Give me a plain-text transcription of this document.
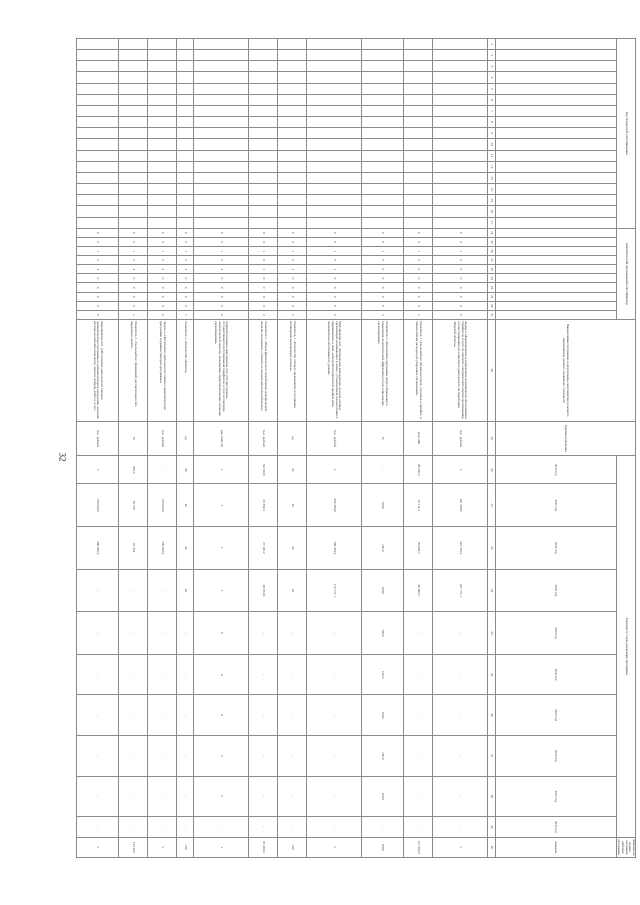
32
Код бюджетной классификации																	Аналитический программный классификатор										Наименование программы, подпрограммы, мероприятия (основного мероприятия), целевого показателя / показателя	Единица измерения	Значение по годам реализации программы										Значение на момент окончания действия программы
																													2019 год	2020 год	2021 год	2022 год	2023 год	2024 год	2025 год	2026 год	2027 год	2030 год	значение
1	2	3	4	5	6	7	8	9	10	11	12	13	14	15	16	17	18	19	20	21	22	23	24	25	26	27	28	29	30	31	32	33	34	35	36	37	38	39	40
																	0	0	1	0	0	0	0	0	0	0	Задача 3 «Формирование и направление экономически обоснованных тарифов на услуги по передаче электрической энергии организациям, осуществляющим регулируемую деятельность на территории Тверской области»	тыс. рублей	х	461 290,0	401 764,4	431 771,1	-	-	-	-	-	-	х
																	0	0	1	0	0	0	0	0	0	1	Показатель 1 «Удельный вес объема расходов, учтенных в тарифах, в общем объеме расходов регулируемых организаций»	млн. кВт	58 336,3	79 711,3	80 839,7	80 682,1	-	-	-	-	-	-	137 592,5
																	0	0	1	0	0	0	0	0	0	2	Показатель 2 «Выполнение программы энергосбережения и повышения энергетической эффективности регулируемыми организациями»	%	-	100,0	100,0	100,0	100,0	100,0	100,0	100,0	100,0	-	100,0
																	0	0	1	0	1	0	0	0	0	0	Мероприятие 3.01 «Возмещение выпадающих доходов сетевых организаций, возникающих в связи с установлением для населения и приравненных к нему категорий потребителей тарифов ниже экономически обоснованного уровня»	тыс. рублей	х	294 290,0	108 764,4	113 771,1	-	-	-	-	-	-	х
																	0	0	1	0	1	0	0	0	0	1	Показатель 1 «Количество сетевых организаций, получивших возмещение выпадающих доходов»	ед.	35	43	40	40	-	-	-	-	-	-	120
																	0	0	1	0	1	0	0	0	0	2	Показатель 2 «Объем фактического потребления электрической энергии населением, учтенного в сводном прогнозном балансе»	тыс. рублей	54 746,6	21 652,2	27 116,2	28 292,6	-	-	-	-	-	-	81 460,2
																	0	0	1	0	2	0	0	0	0	0	Административное мероприятие 3.02 «Осуществление государственного регулирования тарифов на услуги по передаче электрической энергии, оказываемые территориальными сетевыми организациями»	(да-1/нет-0)	1	1	1	1	0	0	0	0	0	-	1
																	0	0	1	0	2	0	0	0	0	1	Показатель 1 «Количество объектов»	ед.	30	40	40	40	-	-	-	-	-	-	120
																	0	0	1	0	3	0	0	0	0	0	Задача 4 «Обеспечение деятельности главного администратора программы и администраторов программы»	тыс. рублей	-	790 000,0	790 000,0	-	-	-	-	-	-	-	х
																	0	0	1	0	3	0	0	0	0	1	Показатель 1 «Удельный вес обращений, рассмотренных без нарушения сроков»	%	335,0	61 790	61 394	-	-	-	-	-	-	-	123 184
																	0	0	1	0	4	0	0	0	0	0	Мероприятие 4.01 «Обеспечение деятельности главного администратора программы и администраторов программы, включая расходы на выплаты персоналу, закупку товаров, работ и услуг»	тыс. рублей	х	790 000,0	390 000,0	-	-	-	-	-	-	-	х
